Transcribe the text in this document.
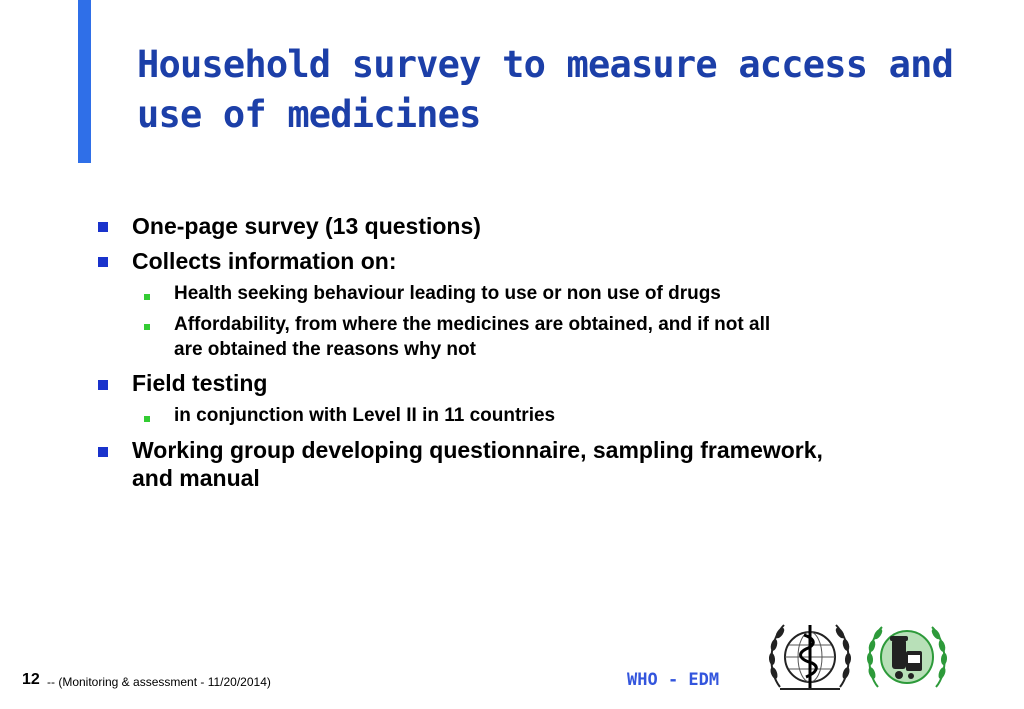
Household survey to measure access and
use of medicines
One-page survey (13 questions)
Collects information on:
Health seeking behaviour leading to use or non use of drugs
Affordability, from where the medicines are obtained, and if not all
are obtained the reasons why not
Field testing
in conjunction with Level II in 11 countries
Working group developing questionnaire, sampling framework,
and manual
12 -- (Monitoring & assessment - 11/20/2014)	WHO - EDM
